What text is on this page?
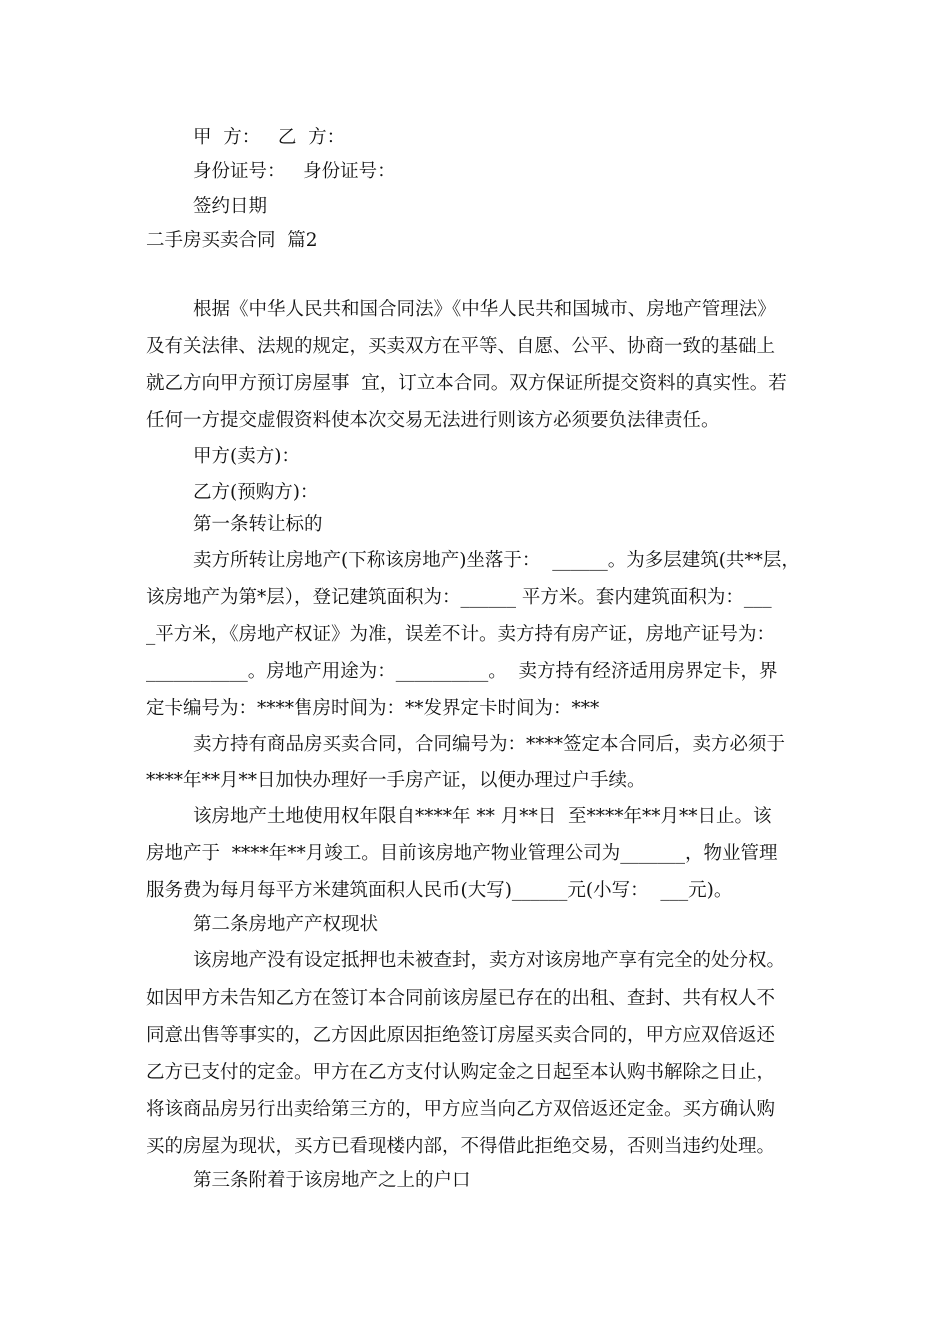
甲  方：   乙  方：
身份证号：   身份证号：
签约日期
二手房买卖合同  篇2
根据《中华人民共和国合同法》《中华人民共和国城市、房地产管理法》
及有关法律、法规的规定，买卖双方在平等、自愿、公平、协商一致的基础上
就乙方向甲方预订房屋事  宜，订立本合同。双方保证所提交资料的真实性。若
任何一方提交虚假资料使本次交易无法进行则该方必须要负法律责任。
甲方(卖方)：
乙方(预购方)：
第一条转让标的
卖方所转让房地产(下称该房地产)坐落于：  ______。为多层建筑(共**层，
该房地产为第*层），登记建筑面积为：______ 平方米。套内建筑面积为：___
_平方米，《房地产权证》为准，误差不计。卖方持有房产证，房地产证号为：
___________。房地产用途为：__________。  卖方持有经济适用房界定卡，界
定卡编号为：****售房时间为：**发界定卡时间为：***
卖方持有商品房买卖合同，合同编号为：****签定本合同后，卖方必须于
****年**月**日加快办理好一手房产证，以便办理过户手续。
该房地产土地使用权年限自****年 ** 月**日  至****年**月**日止。该
房地产于  ****年**月竣工。目前该房地产物业管理公司为_______，物业管理
服务费为每月每平方米建筑面积人民币(大写)______元(小写：  ___元)。
第二条房地产产权现状
该房地产没有设定抵押也未被查封，卖方对该房地产享有完全的处分权。
如因甲方未告知乙方在签订本合同前该房屋已存在的出租、查封、共有权人不
同意出售等事实的，乙方因此原因拒绝签订房屋买卖合同的，甲方应双倍返还
乙方已支付的定金。甲方在乙方支付认购定金之日起至本认购书解除之日止，
将该商品房另行出卖给第三方的，甲方应当向乙方双倍返还定金。买方确认购
买的房屋为现状，买方已看现楼内部，不得借此拒绝交易，否则当违约处理。
第三条附着于该房地产之上的户口
